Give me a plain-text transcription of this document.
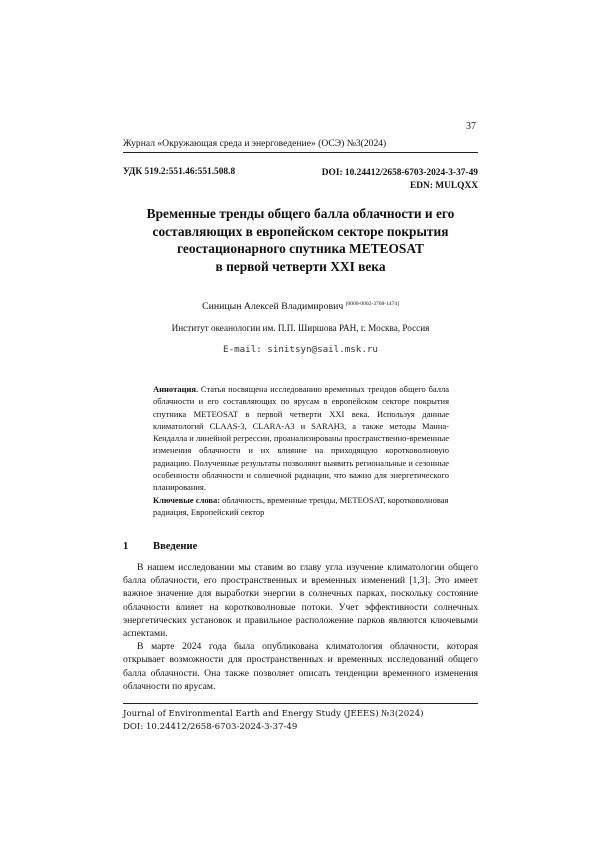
37
Журнал «Окружающая среда и энерговедение» (ОСЭ) №3(2024)
УДК 519.2:551.46:551.508.8	DOI: 10.24412/2658-6703-2024-3-37-49
EDN: MULQXX
Временные тренды общего балла облачности и его
составляющих в европейском секторе покрытия
геостационарного спутника METEOSAT
в первой четверти XXI века
Синицын Алексей Владимирович [0000-0002-3768-1474]
Институт океанологии им. П.П. Ширшова РАН, г. Москва, Россия
E-mail: sinitsyn@sail.msk.ru

Аннотация. Статья посвящена исследованию временных трендов общего балла облачности и его составляющих по ярусам в европейском секторе покрытия спутника METEOSAT в первой четверти XXI века. Используя данные климатологий CLAAS-3, CLARA-A3 и SARAH3, а также методы Манна-Кендалла и линейной регрессии, проанализированы пространственно-временные изменения облачности и их влияние на приходящую коротковолновую радиацию. Полученные результаты позволяют выявить региональные и сезонные особенности облачности и солнечной радиации, что важно для энергетического планирования.

Ключевые слова: облачность, временные тренды, METEOSAT, коротковолновая радиация, Европейский сектор

1 Введение

В нашем исследовании мы ставим во главу угла изучение климатологии общего балла облачности, его пространственных и временных изменений [1,3]. Это имеет важное значение для выработки энергии в солнечных парках, поскольку состояние облачности влияет на коротковолновые потоки. Учет эффективности солнечных энергетических установок и правильное расположение парков являются ключевыми аспектами.

В марте 2024 года была опубликована климатология облачности, которая открывает возможности для пространственных и временных исследований общего балла облачности. Она также позволяет описать тенденции временного изменения облачности по ярусам.

Journal of Environmental Earth and Energy Study (JEEES) №3(2024)
DOI: 10.24412/2658-6703-2024-3-37-49
